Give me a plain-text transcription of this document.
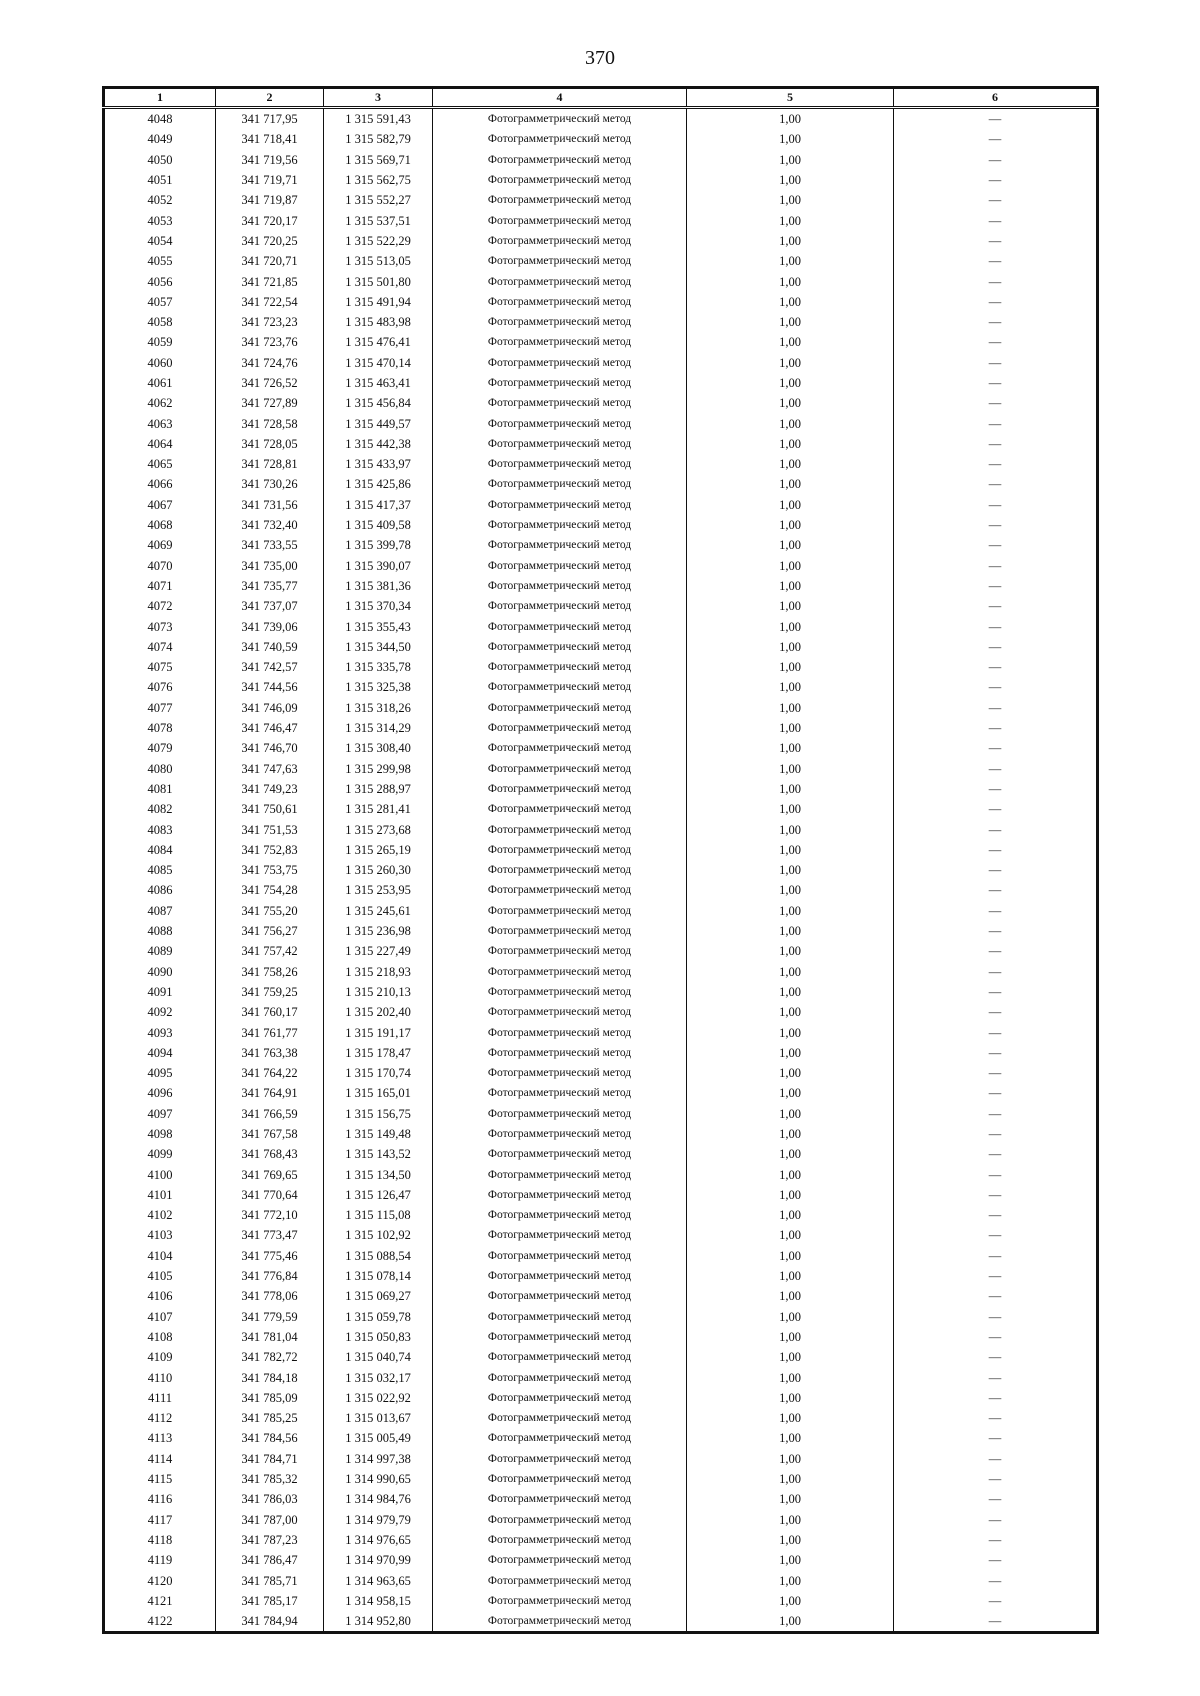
370
1	2	3	4	5	6
4048	341 717,95	1 315 591,43	Фотограмметрический метод	1,00	—
4049	341 718,41	1 315 582,79	Фотограмметрический метод	1,00	—
4050	341 719,56	1 315 569,71	Фотограмметрический метод	1,00	—
4051	341 719,71	1 315 562,75	Фотограмметрический метод	1,00	—
4052	341 719,87	1 315 552,27	Фотограмметрический метод	1,00	—
4053	341 720,17	1 315 537,51	Фотограмметрический метод	1,00	—
4054	341 720,25	1 315 522,29	Фотограмметрический метод	1,00	—
4055	341 720,71	1 315 513,05	Фотограмметрический метод	1,00	—
4056	341 721,85	1 315 501,80	Фотограмметрический метод	1,00	—
4057	341 722,54	1 315 491,94	Фотограмметрический метод	1,00	—
4058	341 723,23	1 315 483,98	Фотограмметрический метод	1,00	—
4059	341 723,76	1 315 476,41	Фотограмметрический метод	1,00	—
4060	341 724,76	1 315 470,14	Фотограмметрический метод	1,00	—
4061	341 726,52	1 315 463,41	Фотограмметрический метод	1,00	—
4062	341 727,89	1 315 456,84	Фотограмметрический метод	1,00	—
4063	341 728,58	1 315 449,57	Фотограмметрический метод	1,00	—
4064	341 728,05	1 315 442,38	Фотограмметрический метод	1,00	—
4065	341 728,81	1 315 433,97	Фотограмметрический метод	1,00	—
4066	341 730,26	1 315 425,86	Фотограмметрический метод	1,00	—
4067	341 731,56	1 315 417,37	Фотограмметрический метод	1,00	—
4068	341 732,40	1 315 409,58	Фотограмметрический метод	1,00	—
4069	341 733,55	1 315 399,78	Фотограмметрический метод	1,00	—
4070	341 735,00	1 315 390,07	Фотограмметрический метод	1,00	—
4071	341 735,77	1 315 381,36	Фотограмметрический метод	1,00	—
4072	341 737,07	1 315 370,34	Фотограмметрический метод	1,00	—
4073	341 739,06	1 315 355,43	Фотограмметрический метод	1,00	—
4074	341 740,59	1 315 344,50	Фотограмметрический метод	1,00	—
4075	341 742,57	1 315 335,78	Фотограмметрический метод	1,00	—
4076	341 744,56	1 315 325,38	Фотограмметрический метод	1,00	—
4077	341 746,09	1 315 318,26	Фотограмметрический метод	1,00	—
4078	341 746,47	1 315 314,29	Фотограмметрический метод	1,00	—
4079	341 746,70	1 315 308,40	Фотограмметрический метод	1,00	—
4080	341 747,63	1 315 299,98	Фотограмметрический метод	1,00	—
4081	341 749,23	1 315 288,97	Фотограмметрический метод	1,00	—
4082	341 750,61	1 315 281,41	Фотограмметрический метод	1,00	—
4083	341 751,53	1 315 273,68	Фотограмметрический метод	1,00	—
4084	341 752,83	1 315 265,19	Фотограмметрический метод	1,00	—
4085	341 753,75	1 315 260,30	Фотограмметрический метод	1,00	—
4086	341 754,28	1 315 253,95	Фотограмметрический метод	1,00	—
4087	341 755,20	1 315 245,61	Фотограмметрический метод	1,00	—
4088	341 756,27	1 315 236,98	Фотограмметрический метод	1,00	—
4089	341 757,42	1 315 227,49	Фотограмметрический метод	1,00	—
4090	341 758,26	1 315 218,93	Фотограмметрический метод	1,00	—
4091	341 759,25	1 315 210,13	Фотограмметрический метод	1,00	—
4092	341 760,17	1 315 202,40	Фотограмметрический метод	1,00	—
4093	341 761,77	1 315 191,17	Фотограмметрический метод	1,00	—
4094	341 763,38	1 315 178,47	Фотограмметрический метод	1,00	—
4095	341 764,22	1 315 170,74	Фотограмметрический метод	1,00	—
4096	341 764,91	1 315 165,01	Фотограмметрический метод	1,00	—
4097	341 766,59	1 315 156,75	Фотограмметрический метод	1,00	—
4098	341 767,58	1 315 149,48	Фотограмметрический метод	1,00	—
4099	341 768,43	1 315 143,52	Фотограмметрический метод	1,00	—
4100	341 769,65	1 315 134,50	Фотограмметрический метод	1,00	—
4101	341 770,64	1 315 126,47	Фотограмметрический метод	1,00	—
4102	341 772,10	1 315 115,08	Фотограмметрический метод	1,00	—
4103	341 773,47	1 315 102,92	Фотограмметрический метод	1,00	—
4104	341 775,46	1 315 088,54	Фотограмметрический метод	1,00	—
4105	341 776,84	1 315 078,14	Фотограмметрический метод	1,00	—
4106	341 778,06	1 315 069,27	Фотограмметрический метод	1,00	—
4107	341 779,59	1 315 059,78	Фотограмметрический метод	1,00	—
4108	341 781,04	1 315 050,83	Фотограмметрический метод	1,00	—
4109	341 782,72	1 315 040,74	Фотограмметрический метод	1,00	—
4110	341 784,18	1 315 032,17	Фотограмметрический метод	1,00	—
4111	341 785,09	1 315 022,92	Фотограмметрический метод	1,00	—
4112	341 785,25	1 315 013,67	Фотограмметрический метод	1,00	—
4113	341 784,56	1 315 005,49	Фотограмметрический метод	1,00	—
4114	341 784,71	1 314 997,38	Фотограмметрический метод	1,00	—
4115	341 785,32	1 314 990,65	Фотограмметрический метод	1,00	—
4116	341 786,03	1 314 984,76	Фотограмметрический метод	1,00	—
4117	341 787,00	1 314 979,79	Фотограмметрический метод	1,00	—
4118	341 787,23	1 314 976,65	Фотограмметрический метод	1,00	—
4119	341 786,47	1 314 970,99	Фотограмметрический метод	1,00	—
4120	341 785,71	1 314 963,65	Фотограмметрический метод	1,00	—
4121	341 785,17	1 314 958,15	Фотограмметрический метод	1,00	—
4122	341 784,94	1 314 952,80	Фотограмметрический метод	1,00	—
